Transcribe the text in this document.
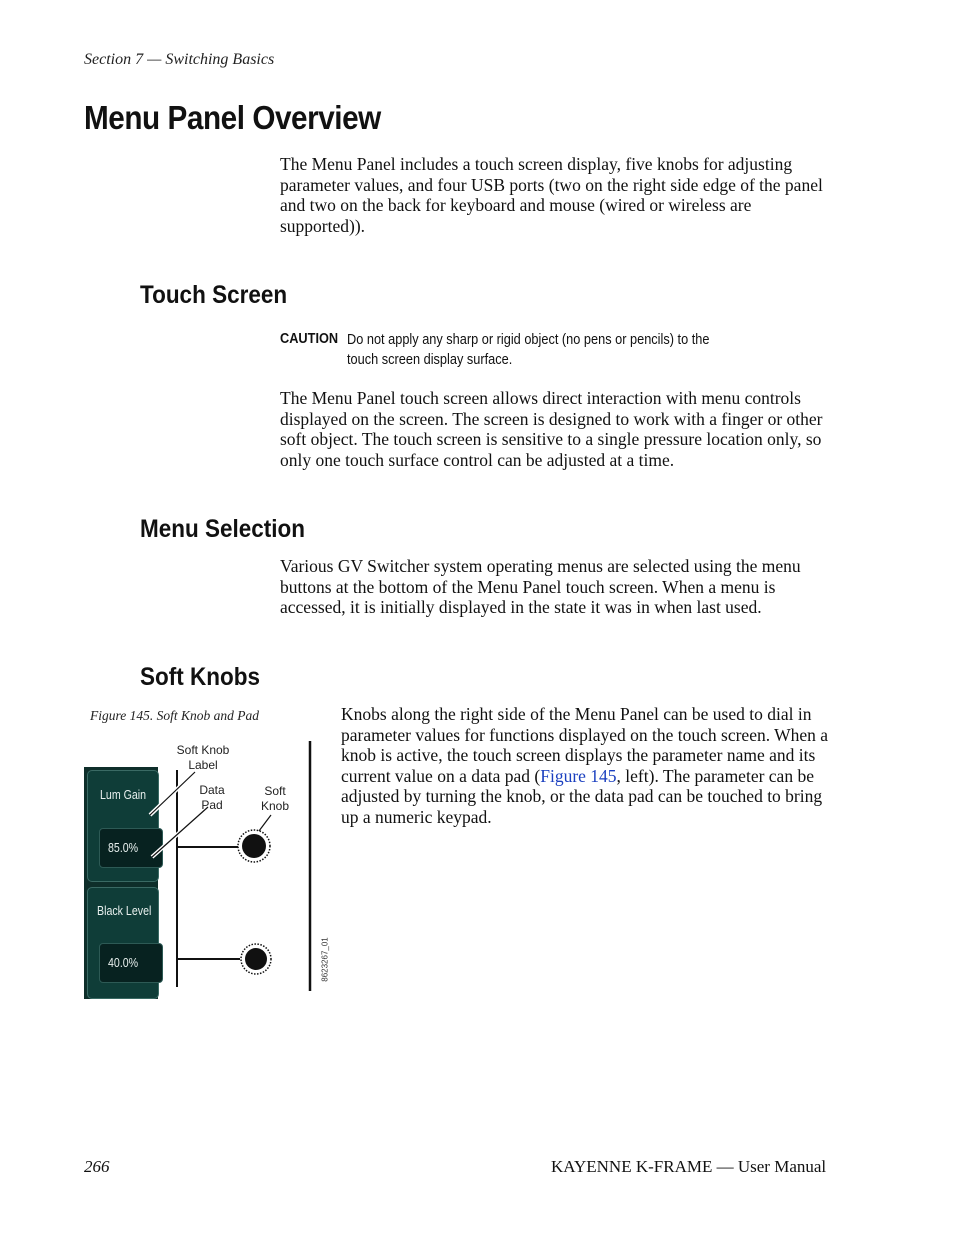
Section 7 — Switching Basics
Menu Panel Overview
The Menu Panel includes a touch screen display, five knobs for adjusting parameter values, and four USB ports (two on the right side edge of the panel and two on the back for keyboard and mouse (wired or wireless are supported)).
Touch Screen
CAUTION Do not apply any sharp or rigid object (no pens or pencils) to the touch screen display surface.
The Menu Panel touch screen allows direct interaction with menu controls displayed on the screen. The screen is designed to work with a finger or other soft object. The touch screen is sensitive to a single pressure location only, so only one touch surface control can be adjusted at a time.
Menu Selection
Various GV Switcher system operating menus are selected using the menu buttons at the bottom of the Menu Panel touch screen. When a menu is accessed, it is initially displayed in the state it was in when last used.
Soft Knobs
Figure 145. Soft Knob and Pad	Knobs along the right side of the Menu Panel can be used to dial in parameter values for functions displayed on the touch screen. When a knob is active, the touch screen displays the parameter name and its current value on a data pad (Figure 145, left). The parameter can be adjusted by turning the knob, or the data pad can be touched to bring up a numeric keypad.
Lum Gain
85.0%
Black Level
40.0%
Soft Knob
Label
Data
Pad
Soft
Knob
8623267_01
266	KAYENNE K-FRAME — User Manual
